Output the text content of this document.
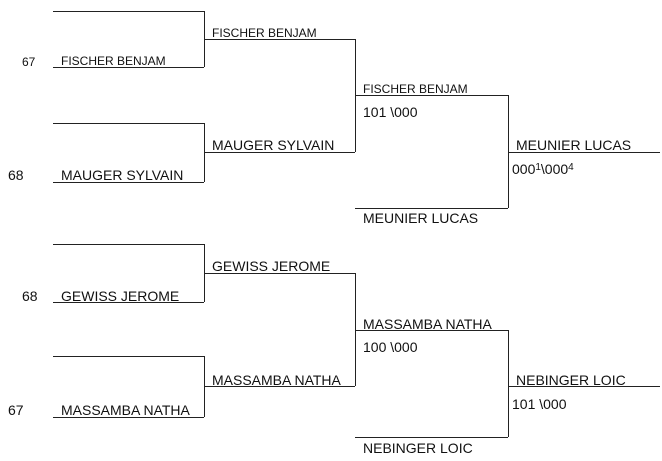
67
68
68
67
FISCHER BENJAM
MAUGER SYLVAIN
GEWISS JEROME
MASSAMBA NATHA
FISCHER BENJAM
MAUGER SYLVAIN
GEWISS JEROME
MASSAMBA NATHA
FISCHER BENJAM
101 \000
MEUNIER LUCAS
MASSAMBA NATHA
100 \000
NEBINGER LOIC
MEUNIER LUCAS
$000^1\backslash 000^4$
NEBINGER LOIC
101 \000
